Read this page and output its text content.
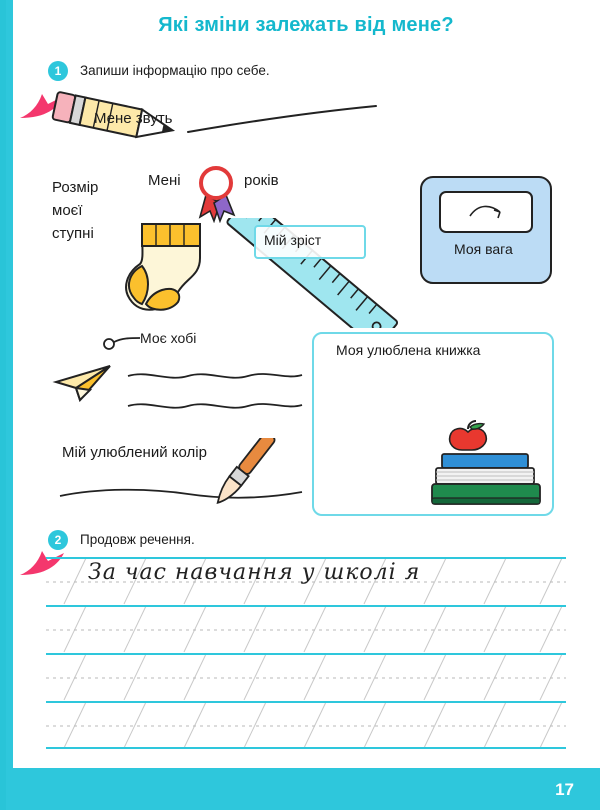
Які зміни залежать від мене?
1	Запиши інформацію про себе.
Мене звуть
Мені	років
Розмір
моєї
ступні	Мій зріст
Моя вага
Моє хобі
Моя улюблена книжка
Мій улюблений колір
2	Продовж речення.
За час навчання у школі я
17
